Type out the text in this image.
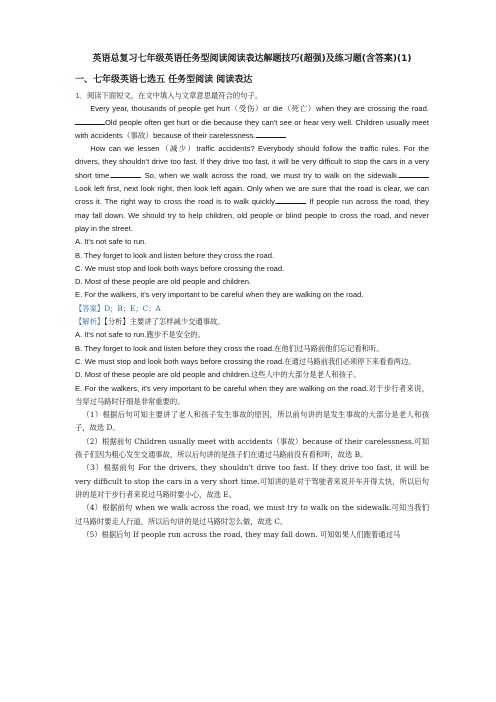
英语总复习七年级英语任务型阅读阅读表达解题技巧(超强)及练习题(含答案)(1)
一、七年级英语七选五 任务型阅读 阅读表达

1．阅读下面短文，在文中填入与文章意思最符合的句子。

Every year, thousands of people get hurt（受伤）or die（死亡）when they are crossing the road. Old people often get hurt or die because they can't see or hear very well. Children usually meet with accidents（事故）because of their carelessness.

How can we lessen（减少）traffic accidents? Everybody should follow the traffic rules. For the drivers, they shouldn't drive too fast. If they drive too fast, it will be very difficult to stop the cars in a very short time.	So, when we walk across the road, we must try to walk on the sidewalk. Look left first, next look right, then look left again. Only when we are sure that the road is clear, we can cross it. The right way to cross the road is to walk quickly.	If people run across the road, they may fall down. We should try to help children, old people or blind people to cross the road, and never play in the street.

A. It's not safe to run.

B. They forget to look and listen before they cross the road.

C. We must stop and look both ways before crossing the road.

D. Most of these people are old people and children.

E. For the walkers, it's very important to be careful when they are walking on the road.

【答案】D；B；E；C；A

【解析】【分析】主要讲了怎样减少交通事故。

A. It's not safe to run.跑步不是安全的。

B. They forget to look and listen before they cross the road.在他们过马路前他们忘记看和听。

C. We must stop and look both ways before crossing the road.在通过马路前我们必须停下来看看两边。

D. Most of these people are old people and children.这些人中的大部分是老人和孩子。

E. For the walkers, it's very important to be careful when they are walking on the road.对于步行者来说，当穿过马路时仔细是非常重要的。

（1）根据后句可知主要讲了老人和孩子发生事故的原因，所以前句讲的是发生事故的大部分是老人和孩子，故选 D。

（2）根据前句 Children usually meet with accidents（事故）because of their carelessness.可知孩子们因为粗心发生交通事故，所以后句讲的是孩子们在通过马路前没有看和听，故选 B。

（3）根据前句 For the drivers, they shouldn't drive too fast. If they drive too fast, it will be very difficult to stop the cars in a very short time.可知讲的是对于驾驶者来说开车开得太快，所以后句讲的是对于步行者来说过马路时要小心，故选 E。

（4）根据前句 when we walk across the road, we must try to walk on the sidewalk.可知当我们过马路时要走人行道，所以后句讲的是过马路时怎么做，故选 C。

（5）根据后句 If people run across the road, they may fall down. 可知如果人们跑着通过马
